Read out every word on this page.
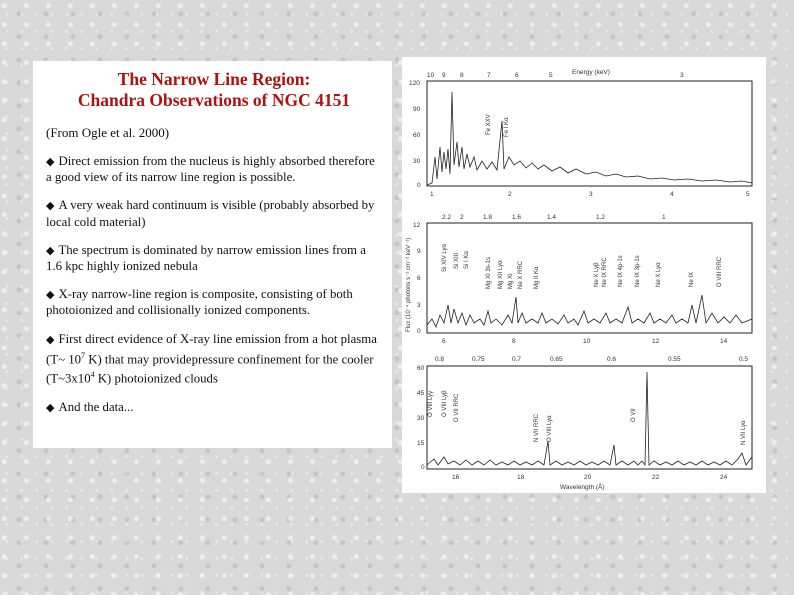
The Narrow Line Region:
Chandra Observations of NGC 4151
(From Ogle et al. 2000)
◆ Direct emission from the nucleus is highly absorbed therefore a good view of its narrow line region is possible.
◆ A very weak hard continuum is visible (probably absorbed by local cold material)
◆ The spectrum is dominated by narrow emission lines from a 1.6 kpc highly ionized nebula
◆ X-ray narrow-line region is composite, consisting of both photoionized and collisionally ionized components.
◆ First direct evidence of X-ray line emission from a hot plasma (T~ $10^7$ K) that may providepressure confinement for the cooler ($T\sim 3x10^4$ K) photoionized clouds
◆ And the data...
10 9 8	7	6	5	3
Energy (keV)
120
90
60
30
0
1	2	3	4	5
Fe XXV Fe I Kα
2.2 2	1.8	1.6	1.4	1.2	1
12
9
6
3
0
6	8	10	12	14
Flux (10⁻⁴ photons s⁻¹ cm⁻² keV⁻¹)	Si XIV Lyα Si XIII Si I Kα	Mg XI 3s-1s Mg XII Lyα Mg XI Ne X RRC Mg II Kα	Ne X Lyβ Ne IX RRC Ne IX 4p-1s Ne IX 3p-1s	Ne X Lyα	Ne IX	O VIII RRC
0.8	0.75	0.7	0.65	0.6	0.55	0.5
60
45
30
15
0
16	18	20	22	24
Wavelength (Å)
O VIII Lyγ O VIII Lyβ O VII RRC
N VII RRC O VIII Lyα
O VII
N VII Lyα
